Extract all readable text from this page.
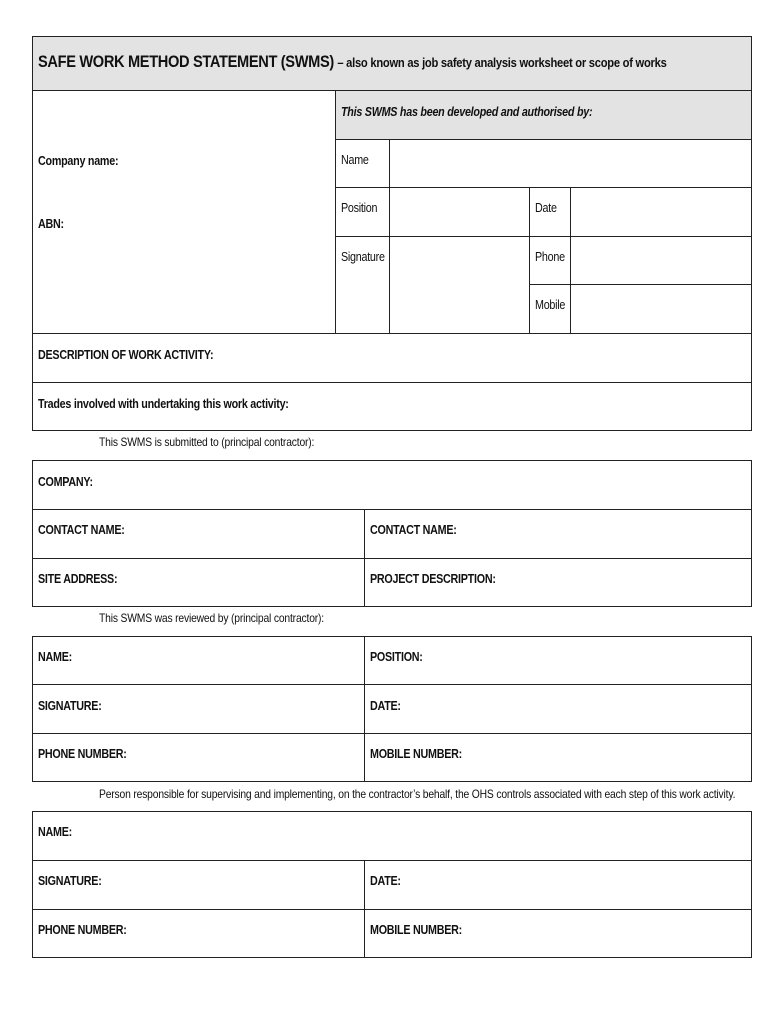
SAFE WORK METHOD STATEMENT (SWMS) – also known as job safety analysis worksheet or scope of works
This SWMS has been developed and authorised by:
Company name:
ABN:
Name
Position	Date
Signature	Phone
Mobile
DESCRIPTION OF WORK ACTIVITY:
Trades involved with undertaking this work activity:
This SWMS is submitted to (principal contractor):
COMPANY:
CONTACT NAME:	CONTACT NAME:
SITE ADDRESS:	PROJECT DESCRIPTION:
This SWMS was reviewed by (principal contractor):
NAME:	POSITION:
SIGNATURE:	DATE:
PHONE NUMBER:	MOBILE NUMBER:
Person responsible for supervising and implementing, on the contractor’s behalf, the OHS controls associated with each step of this work activity.
NAME:
SIGNATURE:	DATE:
PHONE NUMBER:	MOBILE NUMBER:
